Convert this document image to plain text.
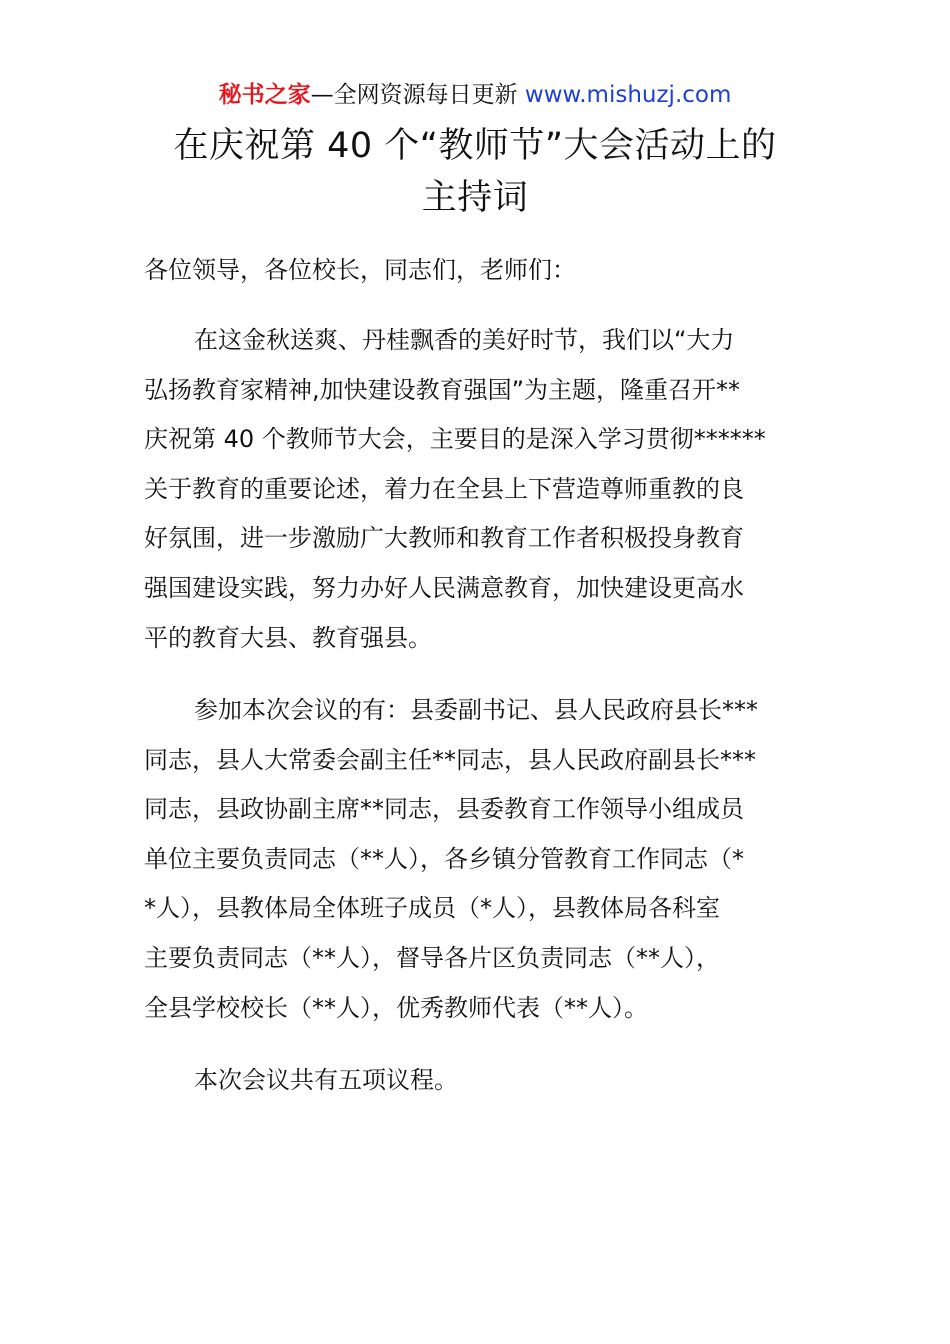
秘书之家—全网资源每日更新 www.mishuzj.com
在庆祝第 40 个“教师节”大会活动上的
主持词
各位领导，各位校长，同志们，老师们：
在这金秋送爽、丹桂飘香的美好时节，我们以“大力
弘扬教育家精神,加快建设教育强国”为主题，隆重召开**
庆祝第 40 个教师节大会，主要目的是深入学习贯彻******
关于教育的重要论述，着力在全县上下营造尊师重教的良
好氛围，进一步激励广大教师和教育工作者积极投身教育
强国建设实践，努力办好人民满意教育，加快建设更高水
平的教育大县、教育强县。
参加本次会议的有：县委副书记、县人民政府县长***
同志，县人大常委会副主任**同志，县人民政府副县长***
同志，县政协副主席**同志，县委教育工作领导小组成员
单位主要负责同志（**人），各乡镇分管教育工作同志（*
*人），县教体局全体班子成员（*人），县教体局各科室
主要负责同志（**人），督导各片区负责同志（**人），
全县学校校长（**人），优秀教师代表（**人）。
本次会议共有五项议程。
